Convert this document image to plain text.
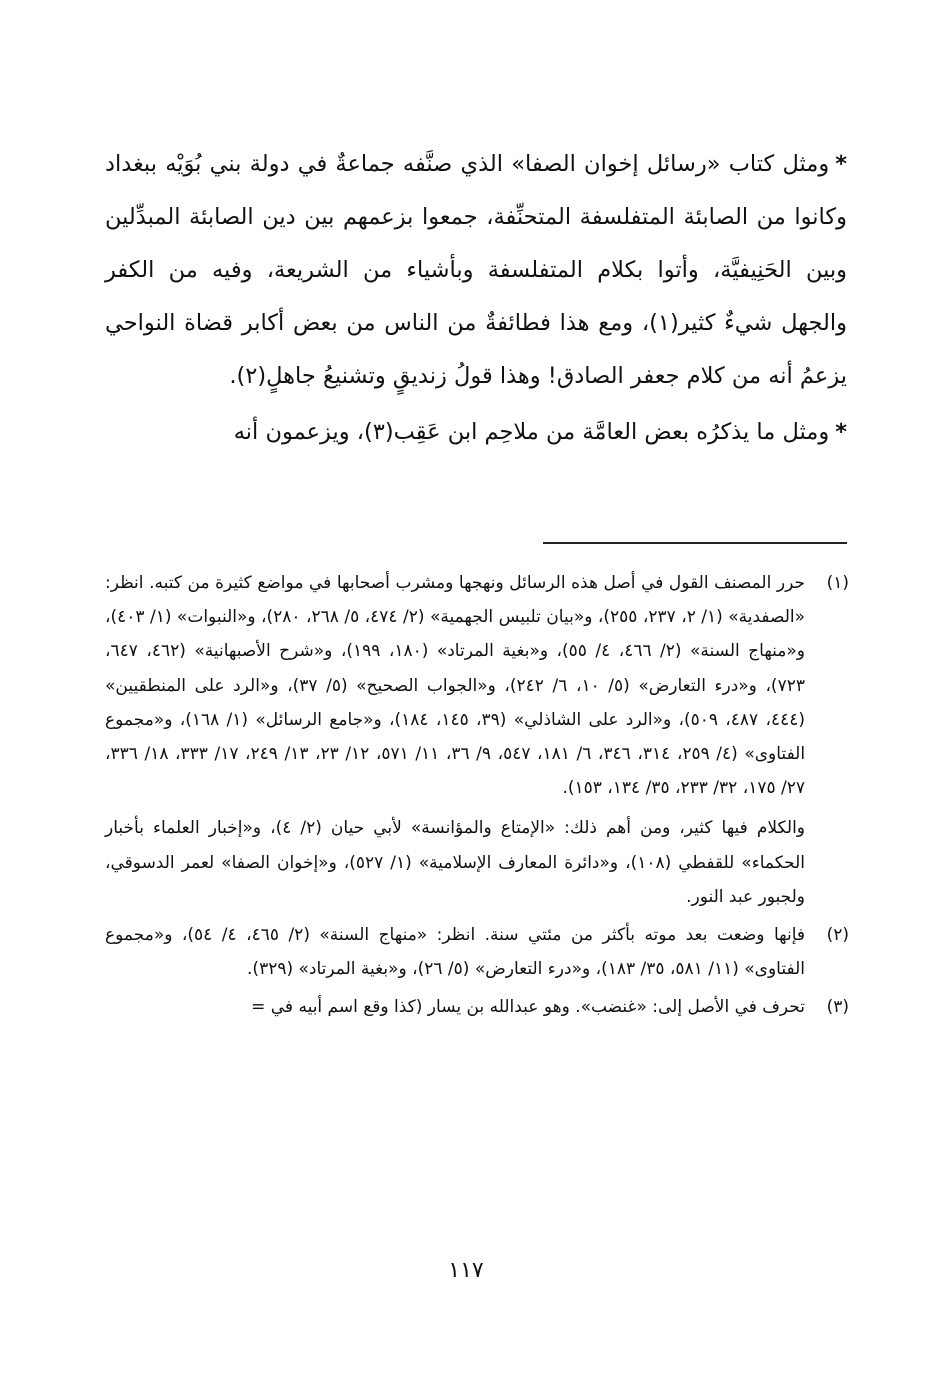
*ومثل كتاب «رسائل إخوان الصفا» الذي صنَّفه جماعةٌ في دولة بني بُوَيْه ببغداد وكانوا من الصابئة المتفلسفة المتحنِّفة، جمعوا بزعمهم بين دين الصابئة المبدِّلين وبين الحَنِيفيَّة، وأتوا بكلام المتفلسفة وبأشياء من الشريعة، وفيه من الكفر والجهل شيءٌ كثير(١)، ومع هذا فطائفةٌ من الناس من بعض أكابر قضاة النواحي يزعمُ أنه من كلام جعفر الصادق! وهذا قولُ زنديقٍ وتشنيعُ جاهلٍ(٢).

*ومثل ما يذكرُه بعض العامَّة من ملاحِم ابن عَقِب(٣)، ويزعمون أنه

(١)

حرر المصنف القول في أصل هذه الرسائل ونهجها ومشرب أصحابها في مواضع كثيرة من كتبه. انظر: «الصفدية» (١/ ٢، ٢٣٧، ٢٥٥)، و«بيان تلبيس الجهمية» (٢/ ٤٧٤، ٥/ ٢٦٨، ٢٨٠)، و«النبوات» (١/ ٤٠٣)، و«منهاج السنة» (٢/ ٤٦٦، ٤/ ٥٥)، و«بغية المرتاد» (١٨٠، ١٩٩)، و«شرح الأصبهانية» (٤٦٢، ٦٤٧، ٧٢٣)، و«درء التعارض» (٥/ ١٠، ٦/ ٢٤٢)، و«الجواب الصحيح» (٥/ ٣٧)، و«الرد على المنطقيين» (٤٤٤، ٤٨٧، ٥٠٩)، و«الرد على الشاذلي» (٣٩، ١٤٥، ١٨٤)، و«جامع الرسائل» (١/ ١٦٨)، و«مجموع الفتاوى» (٤/ ٢٥٩، ٣١٤، ٣٤٦، ٦/ ١٨١، ٥٤٧، ٩/ ٣٦، ١١/ ٥٧١، ١٢/ ٢٣، ١٣/ ٢٤٩، ١٧/ ٣٣٣، ١٨/ ٣٣٦، ٢٧/ ١٧٥، ٣٢/ ٢٣٣، ٣٥/ ١٣٤، ١٥٣).

والكلام فيها كثير، ومن أهم ذلك: «الإمتاع والمؤانسة» لأبي حيان (٢/ ٤)، و«إخبار العلماء بأخبار الحكماء» للقفطي (١٠٨)، و«دائرة المعارف الإسلامية» (١/ ٥٢٧)، و«إخوان الصفا» لعمر الدسوقي، ولجبور عبد النور.

(٢)

فإنها وضعت بعد موته بأكثر من مئتي سنة. انظر: «منهاج السنة» (٢/ ٤٦٥، ٤/ ٥٤)، و«مجموع الفتاوى» (١١/ ٥٨١، ٣٥/ ١٨٣)، و«درء التعارض» (٥/ ٢٦)، و«بغية المرتاد» (٣٢٩).

(٣)

تحرف في الأصل إلى: «غنضب». وهو عبدالله بن يسار (كذا وقع اسم أبيه في =

١١٧
